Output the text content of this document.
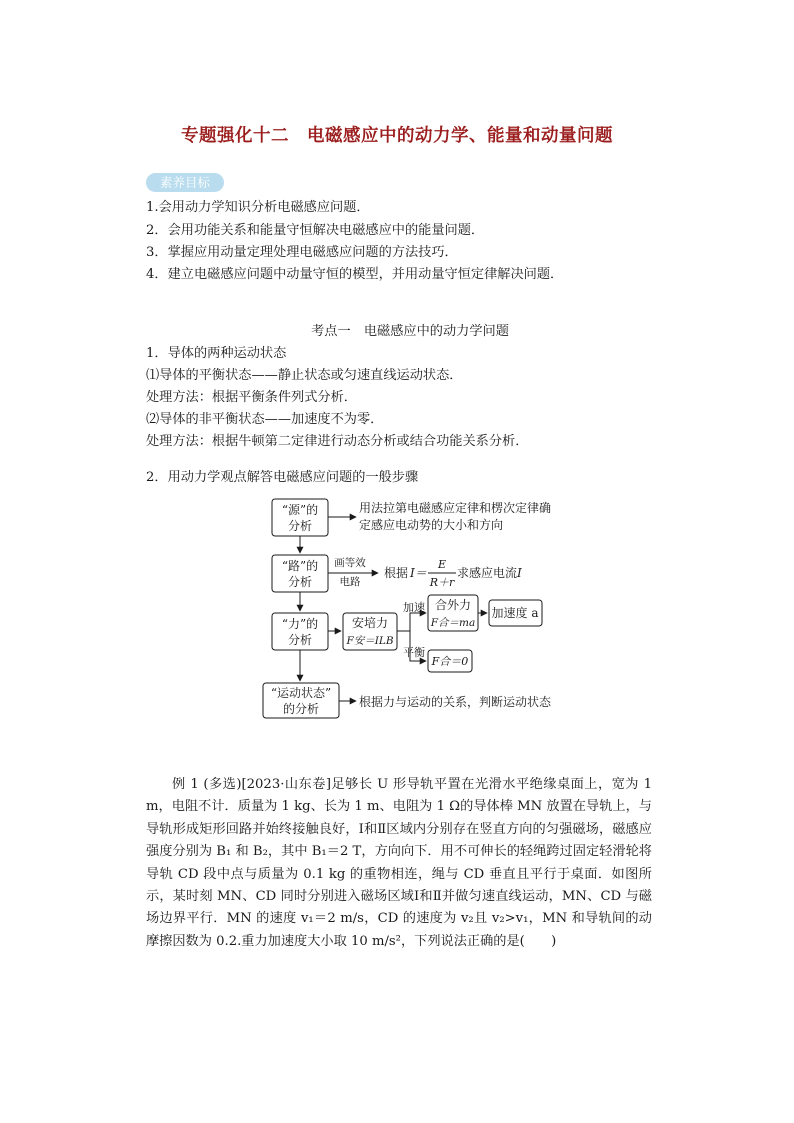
专题强化十二　电磁感应中的动力学、能量和动量问题
素养目标
1.会用动力学知识分析电磁感应问题．
2．会用功能关系和能量守恒解决电磁感应中的能量问题．
3．掌握应用动量定理处理电磁感应问题的方法技巧．
4．建立电磁感应问题中动量守恒的模型，并用动量守恒定律解决问题．
考点一　电磁感应中的动力学问题
1．导体的两种运动状态
⑴导体的平衡状态——静止状态或匀速直线运动状态．
处理方法：根据平衡条件列式分析．
⑵导体的非平衡状态——加速度不为零．
处理方法：根据牛顿第二定律进行动态分析或结合功能关系分析．
2．用动力学观点解答电磁感应问题的一般步骤
“源”的
分析
用法拉第电磁感应定律和楞次定律确
定感应电动势的大小和方向
“路”的
分析
画等效
电路
根据 I＝
E
R＋r
求感应电流 I
“力”的
分析
安培力
F安＝ILB
加速
平衡
合外力
F合＝ma
加速度 a
F合＝0
“运动状态”
的分析	根据力与运动的关系，判断运动状态

例 1 (多选)[2023·山东卷]足够长 U 形导轨平置在光滑水平绝缘桌面上，宽为 1 m，电阻不计．质量为 1 kg、长为 1 m、电阻为 1 Ω的导体棒 MN 放置在导轨上，与导轨形成矩形回路并始终接触良好，Ⅰ和Ⅱ区域内分别存在竖直方向的匀强磁场，磁感应强度分别为 B₁ 和 B₂，其中 B₁＝2 T，方向向下．用不可伸长的轻绳跨过固定轻滑轮将导轨 CD 段中点与质量为 0.1 kg 的重物相连，绳与 CD 垂直且平行于桌面．如图所示，某时刻 MN、CD 同时分别进入磁场区域Ⅰ和Ⅱ并做匀速直线运动，MN、CD 与磁场边界平行．MN 的速度 v₁＝2 m/s，CD 的速度为 v₂且 v₂>v₁，MN 和导轨间的动摩擦因数为 0.2.重力加速度大小取 10 m/s²，下列说法正确的是(　　)
